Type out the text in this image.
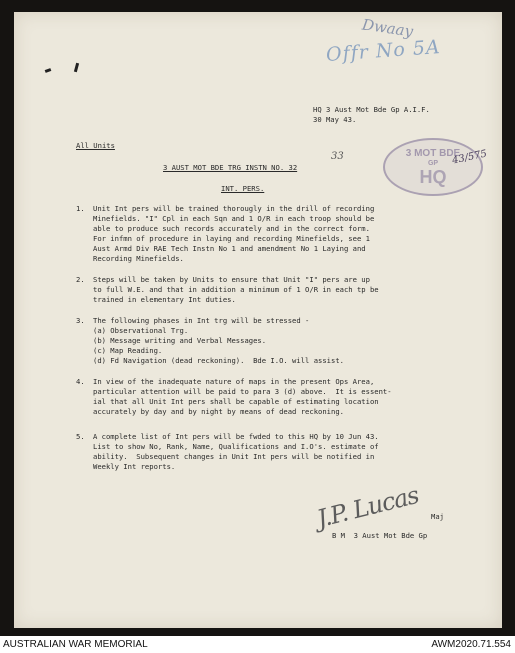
Dwaay
Offr No 5A
HQ 3 Aust Mot Bde Gp A.I.F.
30 May 43.
All Units
33
3 AUST MOT BDE TRG INSTN NO. 32
INT. PERS.
3 MOT BDE
GP
HQ
43/575
1. Unit Int pers will be trained thorougly in the drill of recording
Minefields. "I" Cpl in each Sqn and 1 O/R in each troop should be
able to produce such records accurately and in the correct form.
For infmn of procedure in laying and recording Minefields, see 1
Aust Armd Div RAE Tech Instn No 1 and amendment No 1 Laying and
Recording Minefields.
2. Steps will be taken by Units to ensure that Unit "I" pers are up
to full W.E. and that in addition a minimum of 1 O/R in each tp be
trained in elementary Int duties.
3. The following phases in Int trg will be stressed -
(a) Observational Trg.
(b) Message writing and Verbal Messages.
(c) Map Reading.
(d) Fd Navigation (dead reckoning).  Bde I.O. will assist.
4. In view of the inadequate nature of maps in the present Ops Area,
particular attention will be paid to para 3 (d) above.  It is essent-
ial that all Unit Int pers shall be capable of estimating location
accurately by day and by night by means of dead reckoning.
5. A complete list of Int pers will be fwded to this HQ by 10 Jun 43.
List to show No, Rank, Name, Qualifications and I.O's. estimate of
ability.  Subsequent changes in Unit Int pers will be notified in
Weekly Int reports.
J.P. Lucas Maj
B M  3 Aust Mot Bde Gp
AUSTRALIAN WAR MEMORIAL	AWM2020.71.554
